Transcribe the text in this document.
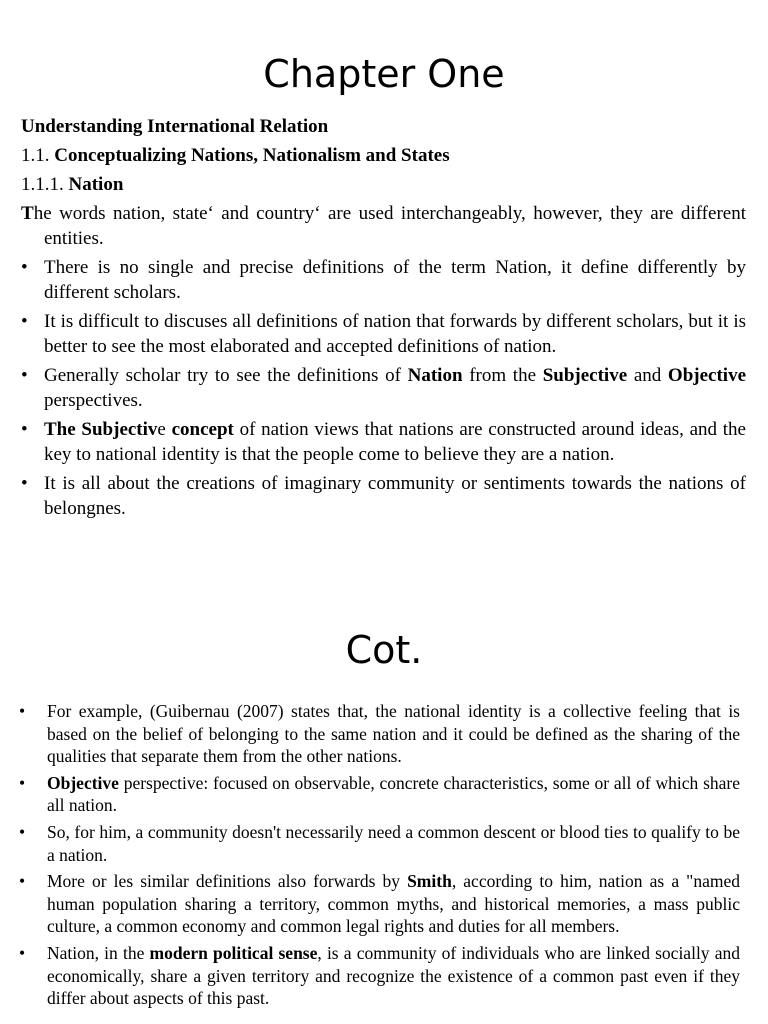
Chapter One

Understanding International Relation

1.1. Conceptualizing Nations, Nationalism and States

1.1.1. Nation

The words nation, state‘ and country‘ are used interchangeably, however, they are different entities.

• There is no single and precise definitions of the term Nation, it define differently by different scholars.
• It is difficult to discuses all definitions of nation that forwards by different scholars, but it is better to see the most elaborated and accepted definitions of nation.
• Generally scholar try to see the definitions of Nation from the Subjective and Objective perspectives.
• The Subjective concept of nation views that nations are constructed around ideas, and the key to national identity is that the people come to believe they are a nation.
• It is all about the creations of imaginary community or sentiments towards the nations of belongnes.
Cot.
• For example, (Guibernau (2007) states that, the national identity is a collective feeling that is based on the belief of belonging to the same nation and it could be defined as the sharing of the qualities that separate them from the other nations.
• Objective perspective: focused on observable, concrete characteristics, some or all of which share all nation.
• So, for him, a community doesn't necessarily need a common descent or blood ties to qualify to be a nation.
• More or les similar definitions also forwards by Smith, according to him, nation as a "named human population sharing a territory, common myths, and historical memories, a mass public culture, a common economy and common legal rights and duties for all members.
• Nation, in the modern political sense, is a community of individuals who are linked socially and economically, share a given territory and recognize the existence of a common past even if they differ about aspects of this past.
